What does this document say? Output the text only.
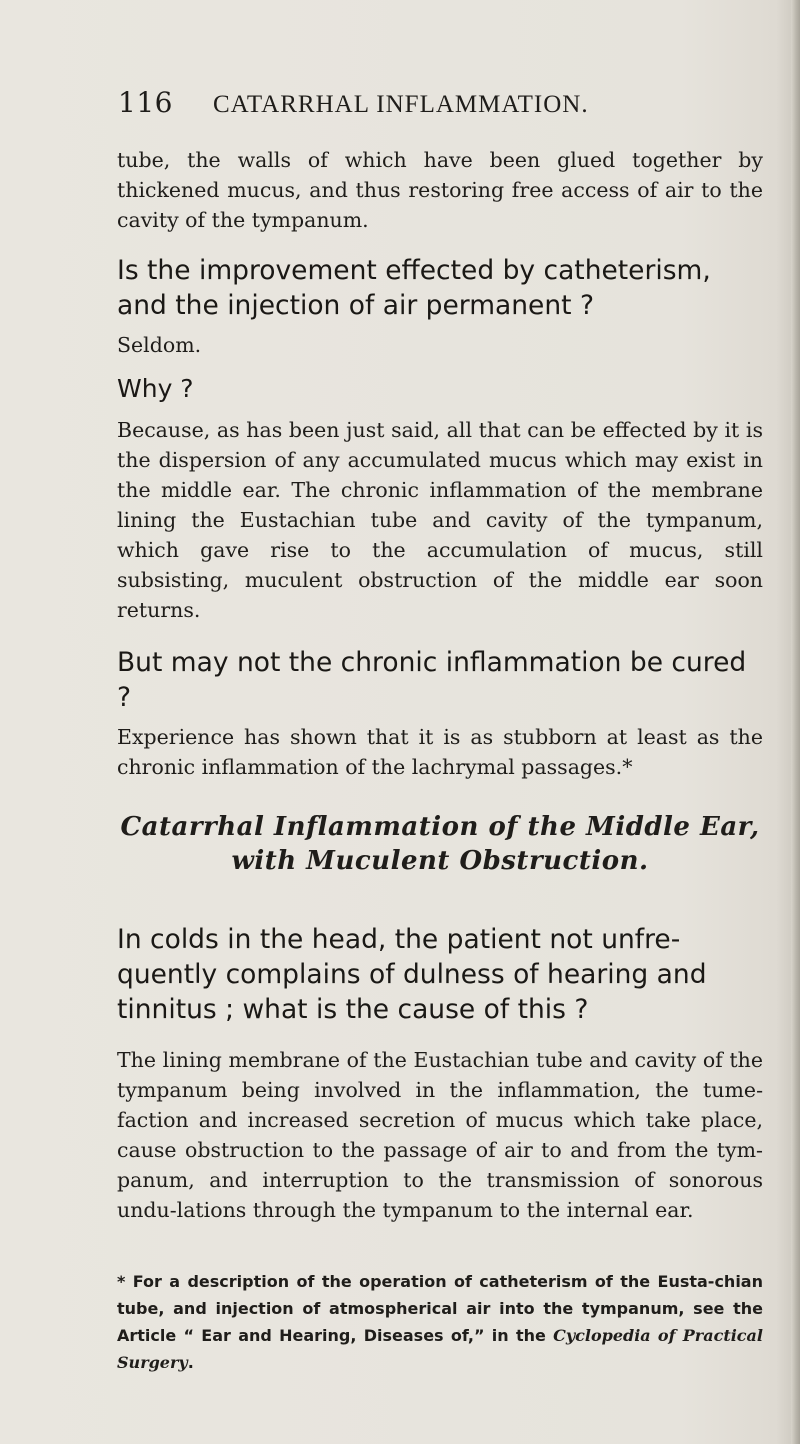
116 CATARRHAL INFLAMMATION.

tube, the walls of which have been glued together by thickened mucus, and thus restoring free access of air to the cavity of the tympanum.

Is the improvement effected by catheterism, and the injection of air permanent ?

Seldom.

Why ?

Because, as has been just said, all that can be effected by it is the dispersion of any accumulated mucus which may exist in the middle ear. The chronic inflammation of the membrane lining the Eustachian tube and cavity of the tympanum, which gave rise to the accumulation of mucus, still subsisting, muculent obstruction of the middle ear soon returns.

But may not the chronic inflammation be cured ?

Experience has shown that it is as stubborn at least as the chronic inflammation of the lachrymal passages.*

Catarrhal Inflammation of the Middle Ear,

with Muculent Obstruction.

In colds in the head, the patient not unfre-quently complains of dulness of hearing and tinnitus ; what is the cause of this ?

The lining membrane of the Eustachian tube and cavity of the tympanum being involved in the inflammation, the tume-faction and increased secretion of mucus which take place, cause obstruction to the passage of air to and from the tym-panum, and interruption to the transmission of sonorous undu-lations through the tympanum to the internal ear.

* For a description of the operation of catheterism of the Eusta-chian tube, and injection of atmospherical air into the tympanum, see the Article “ Ear and Hearing, Diseases of,” in the Cyclopedia of Practical Surgery.
